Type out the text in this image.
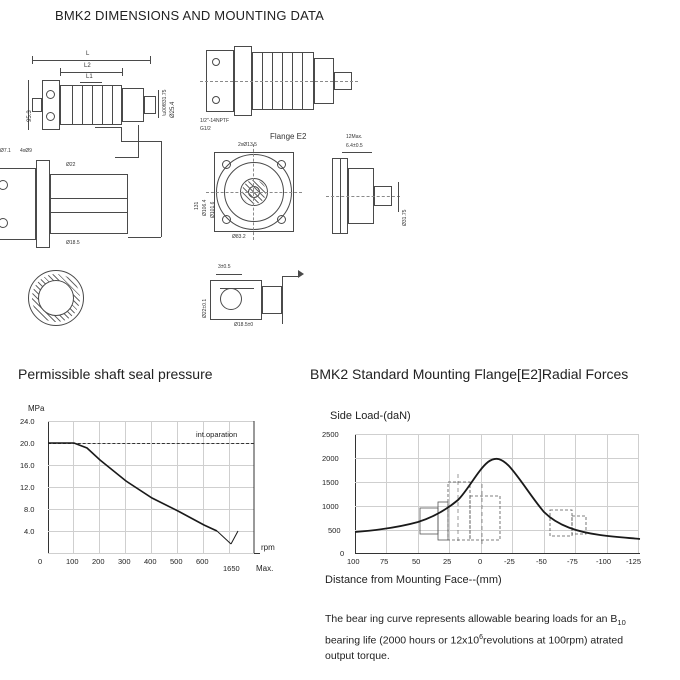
BMK2 DIMENSIONS AND MOUNTING DATA
L
L2
L1
95.3
\u00f831.75 Ø25.4
1/2"-14NPTF
G1/2
Ø7.1 4xØ9
Ø22
Ø18.5
Flange E2
2xØ13.5
Ø106.4 Ø101.6
131
Ø83.2
12Max.
6.4±0.5
Ø31.75
3±0.5
Ø22±0.1
Ø18.5±0
Permissible shaft seal pressure	BMK2 Standard Mounting Flange[E2]Radial Forces
MPa
24.0
20.0
16.0
12.0
8.0
4.0
0	100 200 300 400 500 600
1650
rpm
Max.
int.oparation
Side Load-(daN)
2500
2000
1500
1000
500
0
100	75	50	25	0	-25	-50	-75 -100 -125
Distance from Mounting Face--(mm)
The bear ing curve represents allowable bearing loads for an $B_{10}$
bearing life (2000 hours or $12x10^6revolutions$ at 100rpm) atrated
output torque.
